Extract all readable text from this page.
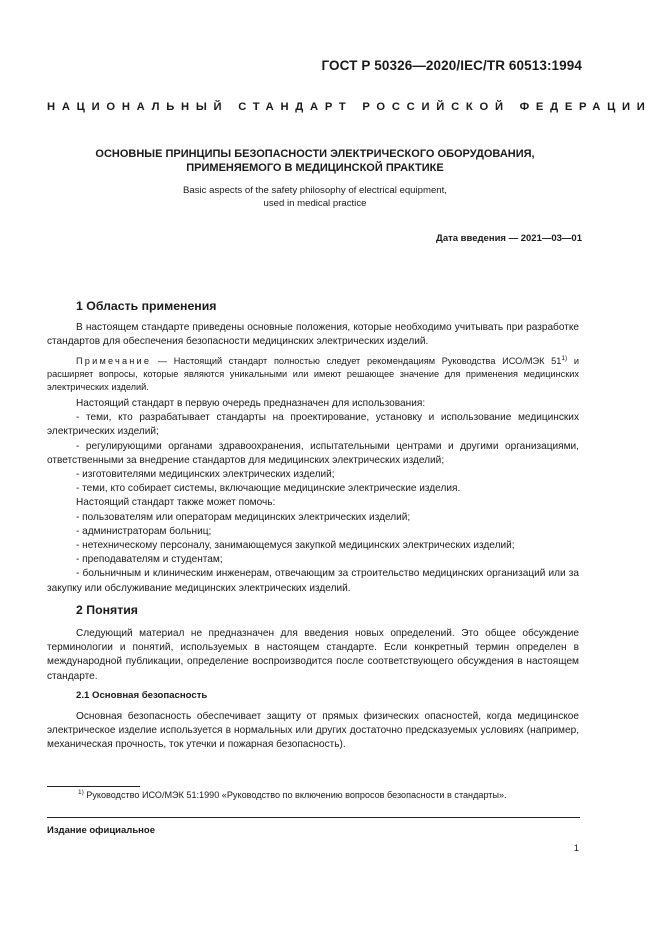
ГОСТ Р 50326—2020/IEC/TR 60513:1994
НАЦИОНАЛЬНЫЙ СТАНДАРТ РОССИЙСКОЙ ФЕДЕРАЦИИ
ОСНОВНЫЕ ПРИНЦИПЫ БЕЗОПАСНОСТИ ЭЛЕКТРИЧЕСКОГО ОБОРУДОВАНИЯ,
ПРИМЕНЯЕМОГО В МЕДИЦИНСКОЙ ПРАКТИКЕ
Basic aspects of the safety philosophy of electrical equipment,
used in medical practice
Дата введения — 2021—03—01
1 Область применения

В настоящем стандарте приведены основные положения, которые необходимо учитывать при разработке стандартов для обеспечения безопасности медицинских электрических изделий.

Примечание — Настоящий стандарт полностью следует рекомендациям Руководства ИСО/МЭК 51$^{1)}$ и расширяет вопросы, которые являются уникальными или имеют решающее значение для применения медицинских электрических изделий.

Настоящий стандарт в первую очередь предназначен для использования:

- теми, кто разрабатывает стандарты на проектирование, установку и использование медицинских электрических изделий;

- регулирующими органами здравоохранения, испытательными центрами и другими организациями, ответственными за внедрение стандартов для медицинских электрических изделий;

- изготовителями медицинских электрических изделий;

- теми, кто собирает системы, включающие медицинские электрические изделия.

Настоящий стандарт также может помочь:

- пользователям или операторам медицинских электрических изделий;

- администраторам больниц;

- нетехническому персоналу, занимающемуся закупкой медицинских электрических изделий;

- преподавателям и студентам;

- больничным и клиническим инженерам, отвечающим за строительство медицинских организаций или за закупку или обслуживание медицинских электрических изделий.

2 Понятия

Следующий материал не предназначен для введения новых определений. Это общее обсуждение терминологии и понятий, используемых в настоящем стандарте. Если конкретный термин определен в международной публикации, определение воспроизводится после соответствующего обсуждения в настоящем стандарте.

2.1 Основная безопасность

Основная безопасность обеспечивает защиту от прямых физических опасностей, когда медицинское электрическое изделие используется в нормальных или других достаточно предсказуемых условиях (например, механическая прочность, ток утечки и пожарная безопасность).

$^{1)}$ Руководство ИСО/МЭК 51:1990 «Руководство по включению вопросов безопасности в стандарты».
Издание официальное
1
